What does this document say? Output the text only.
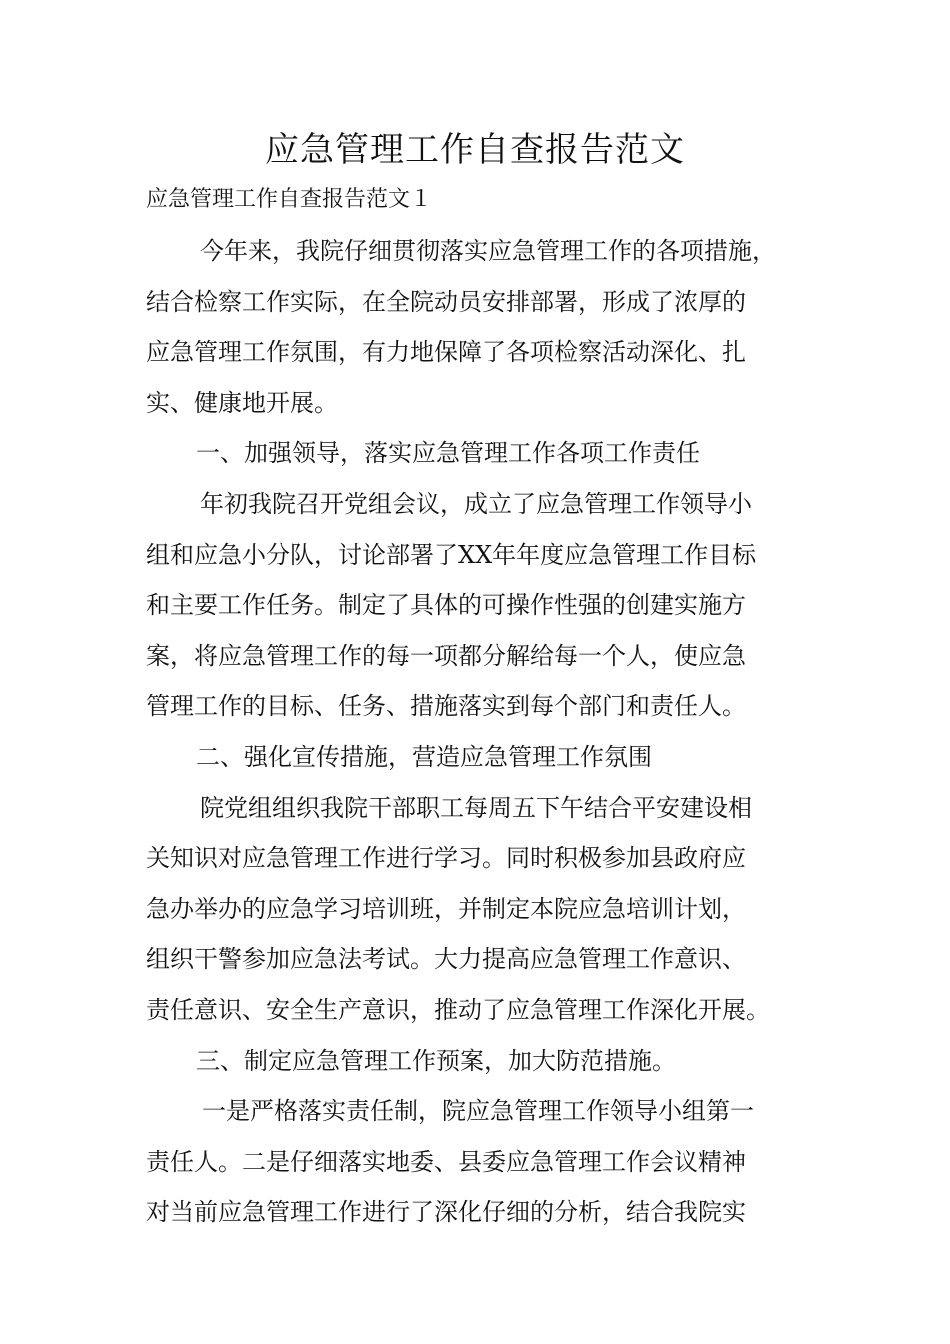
应急管理工作自查报告范文

应急管理工作自查报告范文１

今年来，我院仔细贯彻落实应急管理工作的各项措施，

结合检察工作实际，在全院动员安排部署，形成了浓厚的

应急管理工作氛围，有力地保障了各项检察活动深化、扎

实、健康地开展。

一、加强领导，落实应急管理工作各项工作责任

年初我院召开党组会议，成立了应急管理工作领导小

组和应急小分队，讨论部署了XX年年度应急管理工作目标

和主要工作任务。制定了具体的可操作性强的创建实施方

案，将应急管理工作的每一项都分解给每一个人，使应急

管理工作的目标、任务、措施落实到每个部门和责任人。

二、强化宣传措施，营造应急管理工作氛围

院党组组织我院干部职工每周五下午结合平安建设相

关知识对应急管理工作进行学习。同时积极参加县政府应

急办举办的应急学习培训班，并制定本院应急培训计划，

组织干警参加应急法考试。大力提高应急管理工作意识、

责任意识、安全生产意识，推动了应急管理工作深化开展。

三、制定应急管理工作预案，加大防范措施。

一是严格落实责任制，院应急管理工作领导小组第一

责任人。二是仔细落实地委、县委应急管理工作会议精神

对当前应急管理工作进行了深化仔细的分析，结合我院实
